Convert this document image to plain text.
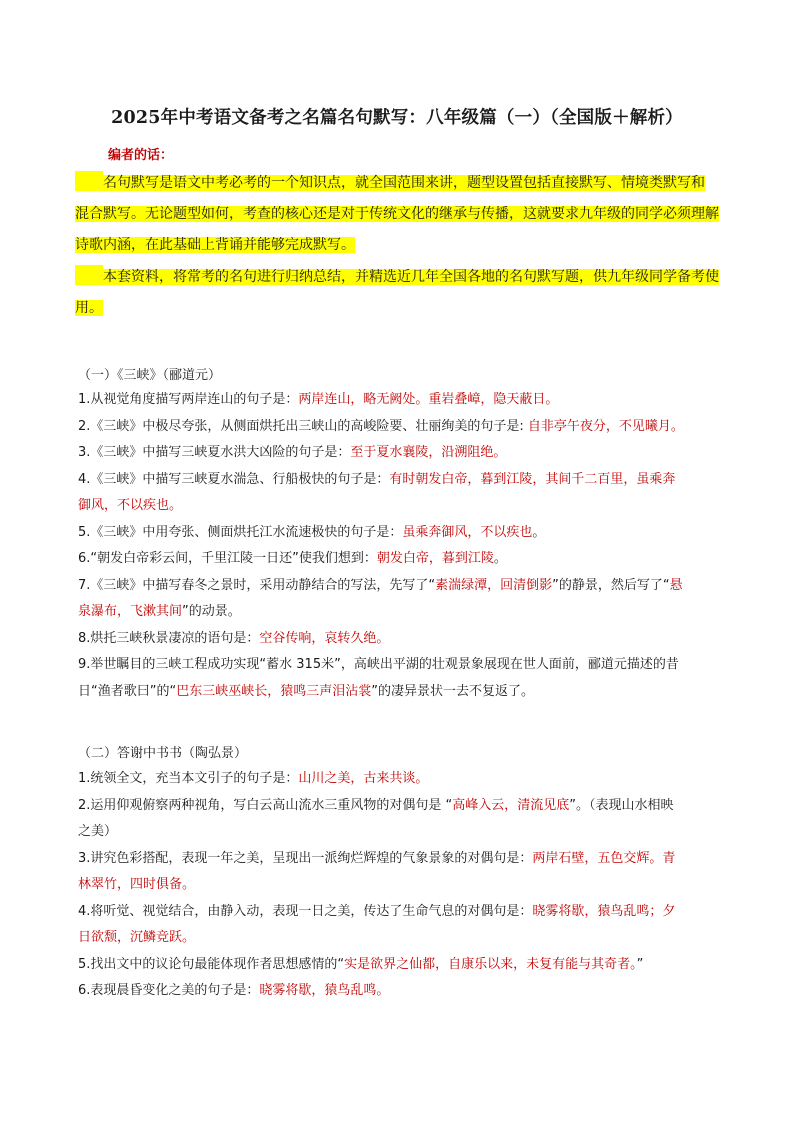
2025年中考语文备考之名篇名句默写：八年级篇（一）（全国版＋解析）
编者的话：
名句默写是语文中考必考的一个知识点，就全国范围来讲，题型设置包括直接默写、情境类默写和
混合默写。无论题型如何，考查的核心还是对于传统文化的继承与传播，这就要求九年级的同学必须理解
诗歌内涵，在此基础上背诵并能够完成默写。
本套资料，将常考的名句进行归纳总结，并精选近几年全国各地的名句默写题，供九年级同学备考使
用。
（一）《三峡》（郦道元）
1.从视觉角度描写两岸连山的句子是：两岸连山，略无阙处。重岩叠嶂，隐天蔽日。
2.《三峡》中极尽夸张，从侧面烘托出三峡山的高峻险要、壮丽绚美的句子是: 自非亭午夜分，不见曦月。
3.《三峡》中描写三峡夏水洪大凶险的句子是：至于夏水襄陵，沿溯阻绝。
4.《三峡》中描写三峡夏水湍急、行船极快的句子是：有时朝发白帝，暮到江陵，其间千二百里，虽乘奔
御风，不以疾也。
5.《三峡》中用夸张、侧面烘托江水流速极快的句子是：虽乘奔御风，不以疾也。
6.“朝发白帝彩云间，千里江陵一日还”使我们想到：朝发白帝，暮到江陵。
7.《三峡》中描写春冬之景时，采用动静结合的写法，先写了“素湍绿潭，回清倒影”的静景，然后写了“悬
泉瀑布，飞漱其间”的动景。
8.烘托三峡秋景凄凉的语句是：空谷传响，哀转久绝。
9.举世瞩目的三峡工程成功实现“蓄水 315米”，高峡出平湖的壮观景象展现在世人面前，郦道元描述的昔
日“渔者歌曰”的“巴东三峡巫峡长，猿鸣三声泪沾裳”的凄异景状一去不复返了。
（二）答谢中书书（陶弘景）
1.统领全文，充当本文引子的句子是：山川之美，古来共谈。
2.运用仰观俯察两种视角，写白云高山流水三重风物的对偶句是 “高峰入云，清流见底”。（表现山水相映
之美）
3.讲究色彩搭配，表现一年之美，呈现出一派绚烂辉煌的气象景象的对偶句是：两岸石壁，五色交辉。青
林翠竹，四时俱备。
4.将听觉、视觉结合，由静入动，表现一日之美，传达了生命气息的对偶句是：晓雾将歇，猿鸟乱鸣；夕
日欲颓，沉鳞竞跃。
5.找出文中的议论句最能体现作者思想感情的“实是欲界之仙都，自康乐以来，未复有能与其奇者。”
6.表现晨昏变化之美的句子是：晓雾将歇，猿鸟乱鸣。
